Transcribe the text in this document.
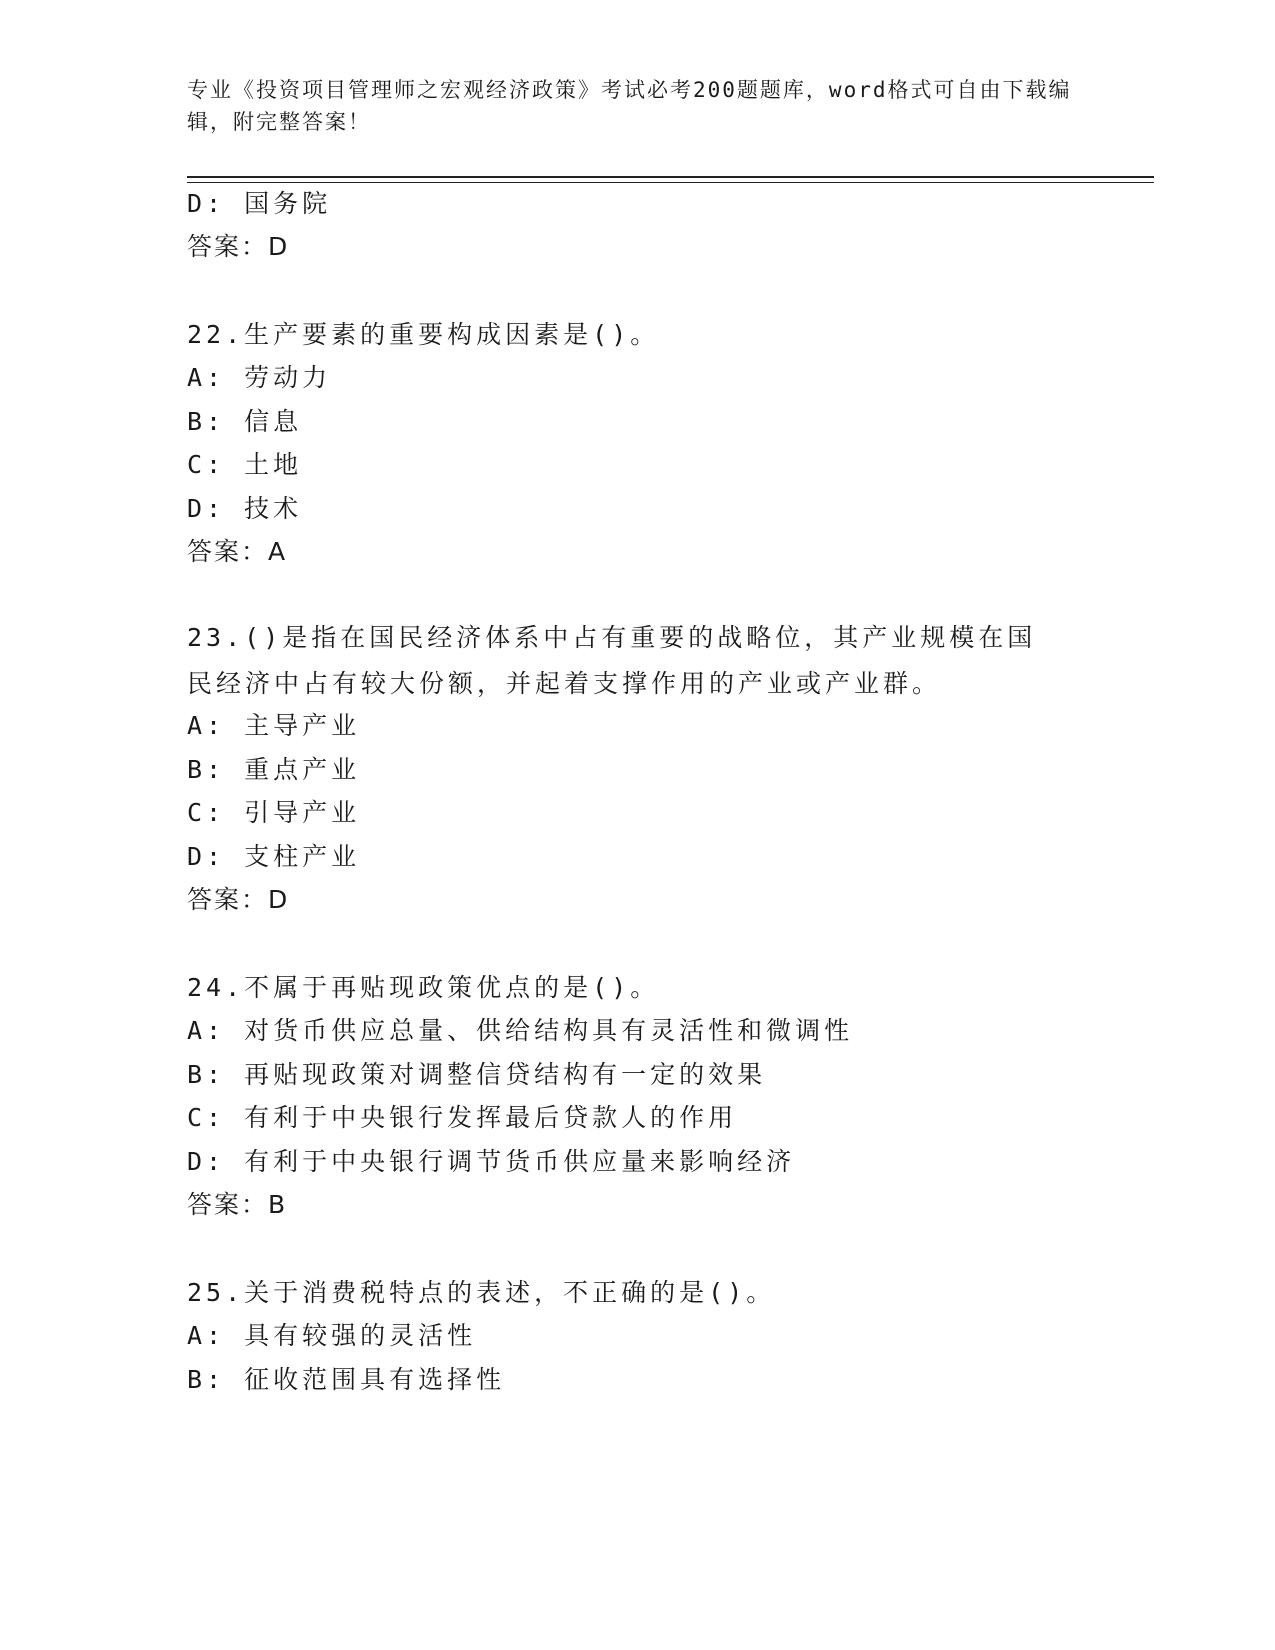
专业《投资项目管理师之宏观经济政策》考试必考200题题库，word格式可自由下载编辑，附完整答案！
D: 国务院
答案：D
22.生产要素的重要构成因素是()。
A: 劳动力
B: 信息
C: 土地
D: 技术
答案：A
23.()是指在国民经济体系中占有重要的战略位，其产业规模在国民经济中占有较大份额，并起着支撑作用的产业或产业群。
A: 主导产业
B: 重点产业
C: 引导产业
D: 支柱产业
答案：D
24.不属于再贴现政策优点的是()。
A: 对货币供应总量、供给结构具有灵活性和微调性
B: 再贴现政策对调整信贷结构有一定的效果
C: 有利于中央银行发挥最后贷款人的作用
D: 有利于中央银行调节货币供应量来影响经济
答案：B
25.关于消费税特点的表述，不正确的是()。
A: 具有较强的灵活性
B: 征收范围具有选择性
